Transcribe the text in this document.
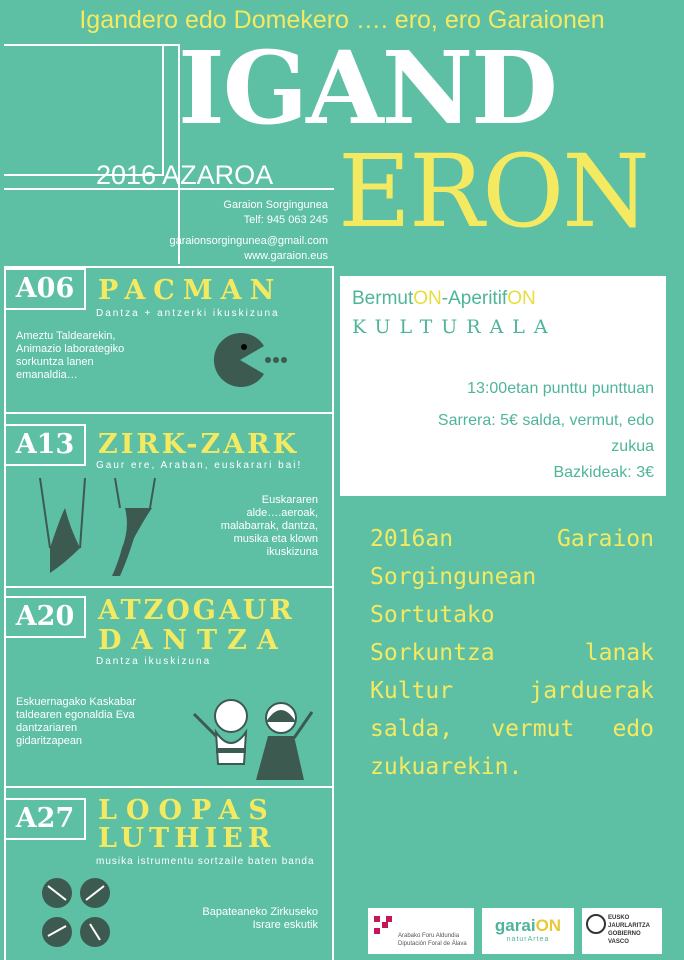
Igandero edo Domekero …. ero, ero Garaionen
IGAND
ERON
2016 AZAROA
Garaion Sorgingunea
Telf: 945 063 245
garaionsorgingunea@gmail.com
www.garaion.eus
A06 PACMAN
Dantza + antzerki ikuskizuna
Ameztu Taldearekin,
Animazio laborategiko
sorkuntza lanen
emanaldia…
A13 ZIRK-ZARK
Gaur ere, Araban, euskarari bai!
Euskararen
alde….aeroak,
malabarrak, dantza,
musika eta klown
ikuskizuna
A20 ATZOGAUR
DANTZA
Dantza ikuskizuna
Eskuernagako Kaskabar
taldearen egonaldia Eva
dantzariaren
gidaritzapean
A27 LOOPAS
LUTHIER
musika istrumentu sortzaile baten banda
Bapateaneko Zirkuseko
Israre eskutik
BermutON-AperitifON
KULTURALA
13:00etan punttu punttuan
Sarrera: 5€ salda, vermut, edo
zukua
Bazkideak: 3€
2016an Garaion
Sorgingunean
Sortutako
Sorkuntza lanak
Kultur jarduerak
salda, vermut edo
zukuarekin.
Arabako Foru Aldundia
Diputación Foral de Álava
garaiON
naturArtea
EUSKO JAURLARITZA
GOBIERNO VASCO
